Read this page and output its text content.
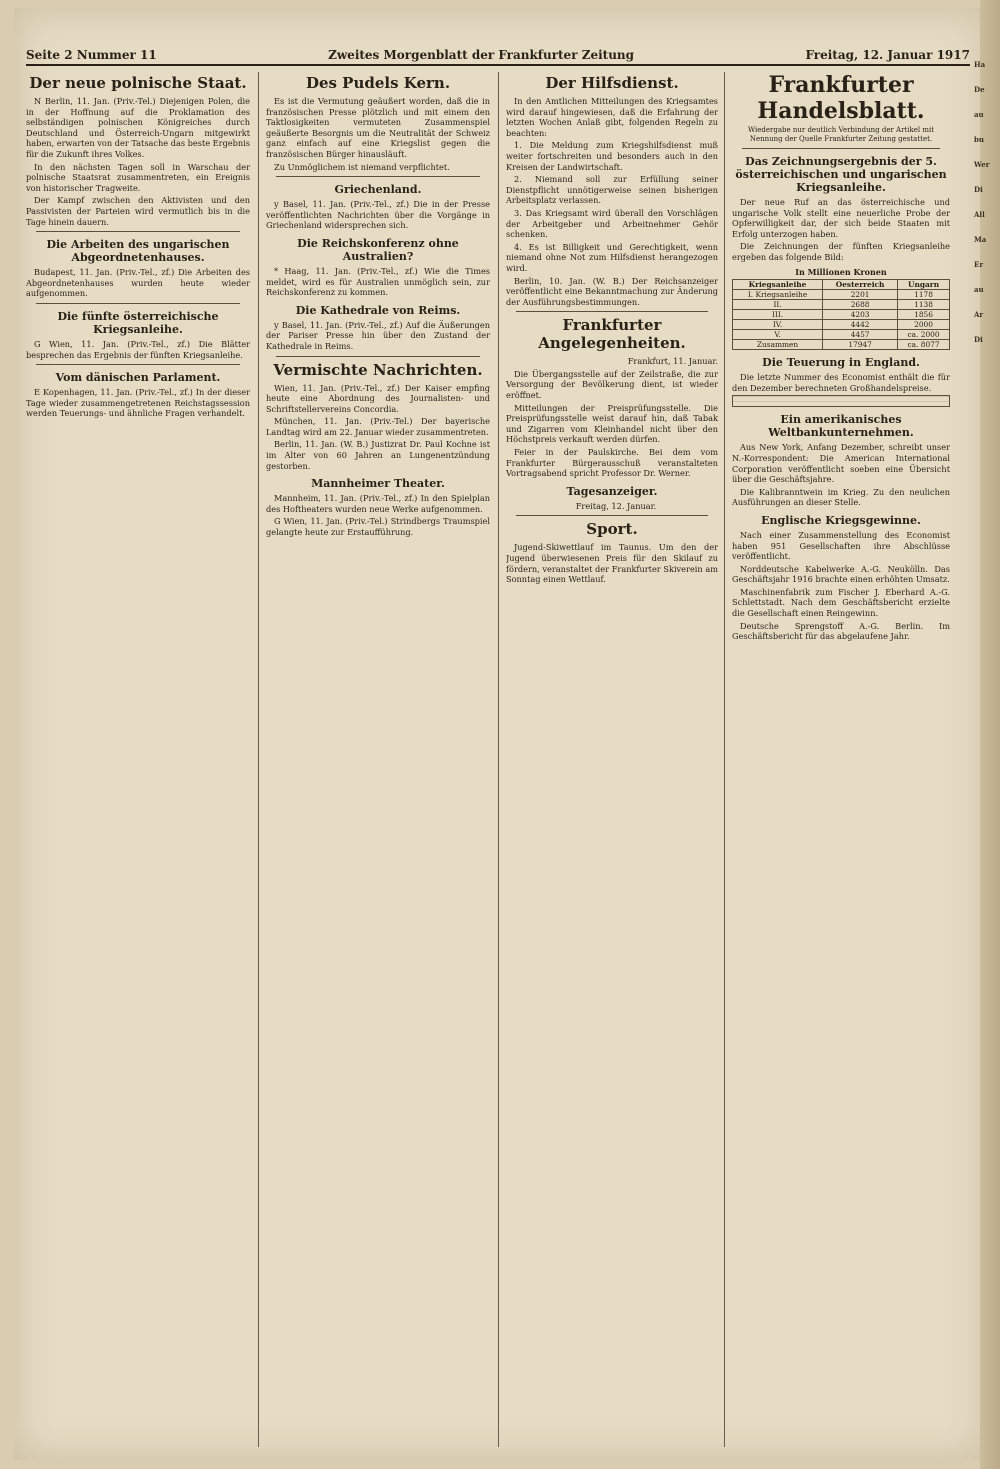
Seite 2 Nummer 11	Zweites Morgenblatt der Frankfurter Zeitung	Freitag, 12. Januar 1917
Der neue polnische Staat.

N Berlin, 11. Jan. (Priv.-Tel.) Diejenigen Polen, die in der Hoffnung auf die Proklamation des selbständigen polnischen Königreiches durch Deutschland und Österreich-Ungarn mitgewirkt haben, erwarten von der Tatsache das beste Ergebnis für die Zukunft ihres Volkes.

In den nächsten Tagen soll in Warschau der polnische Staatsrat zusammentreten, ein Ereignis von historischer Tragweite.

Der Kampf zwischen den Aktivisten und den Passivisten der Parteien wird vermutlich bis in die Tage hinein dauern.

Die Arbeiten des ungarischen Abgeordnetenhauses.

Budapest, 11. Jan. (Priv.-Tel., zf.) Die Arbeiten des Abgeordnetenhauses wurden heute wieder aufgenommen.

Die fünfte österreichische Kriegsanleihe.

G Wien, 11. Jan. (Priv.-Tel., zf.) Die Blätter besprechen das Ergebnis der fünften Kriegsanleihe.

Vom dänischen Parlament.

E Kopenhagen, 11. Jan. (Priv.-Tel., zf.) In der dieser Tage wieder zusammengetretenen Reichstagssession werden Teuerungs- und ähnliche Fragen verhandelt.

Des Pudels Kern.

Es ist die Vermutung geäußert worden, daß die in französischen Presse plötzlich und mit einem den Taktlosigkeiten vermuteten Zusammenspiel geäußerte Besorgnis um die Neutralität der Schweiz ganz einfach auf eine Kriegslist gegen die französischen Bürger hinausläuft.

Zu Unmöglichem ist niemand verpflichtet.

Griechenland.

y Basel, 11. Jan. (Priv.-Tel., zf.) Die in der Presse veröffentlichten Nachrichten über die Vorgänge in Griechenland widersprechen sich.

Die Reichskonferenz ohne Australien?

* Haag, 11. Jan. (Priv.-Tel., zf.) Wie die Times meldet, wird es für Australien unmöglich sein, zur Reichskonferenz zu kommen.

Die Kathedrale von Reims.

y Basel, 11. Jan. (Priv.-Tel., zf.) Auf die Äußerungen der Pariser Presse hin über den Zustand der Kathedrale in Reims.

Vermischte Nachrichten.

Wien, 11. Jan. (Priv.-Tel., zf.) Der Kaiser empfing heute eine Abordnung des Journalisten- und Schriftstellervereins Concordia.

München, 11. Jan. (Priv.-Tel.) Der bayerische Landtag wird am 22. Januar wieder zusammentreten.

Berlin, 11. Jan. (W. B.) Justizrat Dr. Paul Kochne ist im Alter von 60 Jahren an Lungenentzündung gestorben.

Mannheimer Theater.

Mannheim, 11. Jan. (Priv.-Tel., zf.) In den Spielplan des Hoftheaters wurden neue Werke aufgenommen.

G Wien, 11. Jan. (Priv.-Tel.) Strindbergs Traumspiel gelangte heute zur Erstaufführung.

Der Hilfsdienst.

In den Amtlichen Mitteilungen des Kriegsamtes wird darauf hingewiesen, daß die Erfahrung der letzten Wochen Anlaß gibt, folgenden Regeln zu beachten:

1. Die Meldung zum Kriegshilfsdienst muß weiter fortschreiten und besonders auch in den Kreisen der Landwirtschaft.

2. Niemand soll zur Erfüllung seiner Dienstpflicht unnötigerweise seinen bisherigen Arbeitsplatz verlassen.

3. Das Kriegsamt wird überall den Vorschlägen der Arbeitgeber und Arbeitnehmer Gehör schenken.

4. Es ist Billigkeit und Gerechtigkeit, wenn niemand ohne Not zum Hilfsdienst herangezogen wird.

Berlin, 10. Jan. (W. B.) Der Reichsanzeiger veröffentlicht eine Bekanntmachung zur Änderung der Ausführungsbestimmungen.

Frankfurter Angelegenheiten.

Frankfurt, 11. Januar.

Die Übergangsstelle auf der Zeilstraße, die zur Versorgung der Bevölkerung dient, ist wieder eröffnet.

Mitteilungen der Preisprüfungsstelle. Die Preisprüfungsstelle weist darauf hin, daß Tabak und Zigarren vom Kleinhandel nicht über den Höchstpreis verkauft werden dürfen.

Feier in der Paulskirche. Bei dem vom Frankfurter Bürgerausschuß veranstalteten Vortragsabend spricht Professor Dr. Werner.

Tagesanzeiger.

Freitag, 12. Januar.

Sport.

Jugend-Skiwettlauf im Taunus. Um den der Jugend überwiesenen Preis für den Skilauf zu fördern, veranstaltet der Frankfurter Skiverein am Sonntag einen Wettlauf.

Frankfurter Handelsblatt.
Wiedergabe nur deutlich Verbindung der Artikel mit Nennung der Quelle Frankfurter Zeitung gestattet.
Das Zeichnungsergebnis der 5. österreichischen und ungarischen Kriegsanleihe.

Der neue Ruf an das österreichische und ungarische Volk stellt eine neuerliche Probe der Opferwilligkeit dar, der sich beide Staaten mit Erfolg unterzogen haben.

Die Zeichnungen der fünften Kriegsanleihe ergeben das folgende Bild:

In Millionen Kronen
Kriegsanleihe	Oesterreich	Ungarn
I. Kriegsanleihe	2201	1178
II.	2688	1138
III.	4203	1856
IV.	4442	2000
V.	4457	ca. 2000
Zusammen	17947	ca. 8077
Die Teuerung in England.

Die letzte Nummer des Economist enthält die für den Dezember berechneten Großhandelspreise.

Ein amerikanisches Weltbankunternehmen.

Aus New York, Anfang Dezember, schreibt unser N.-Korrespondent: Die American International Corporation veröffentlicht soeben eine Übersicht über die Geschäftsjahre.

Die Kalibranntwein im Krieg. Zu den neulichen Ausführungen an dieser Stelle.

Englische Kriegsgewinne.

Nach einer Zusammenstellung des Economist haben 951 Gesellschaften ihre Abschlüsse veröffentlicht.

Norddeutsche Kabelwerke A.-G. Neukölln. Das Geschäftsjahr 1916 brachte einen erhöhten Umsatz.

Maschinenfabrik zum Fischer J. Eberhard A.-G. Schlettstadt. Nach dem Geschäftsbericht erzielte die Gesellschaft einen Reingewinn.

Deutsche Sprengstoff A.-G. Berlin. Im Geschäftsbericht für das abgelaufene Jahr.

Ha
De
au
bu
Wer
Di
All
Ma
Er
au
Ar
Di
